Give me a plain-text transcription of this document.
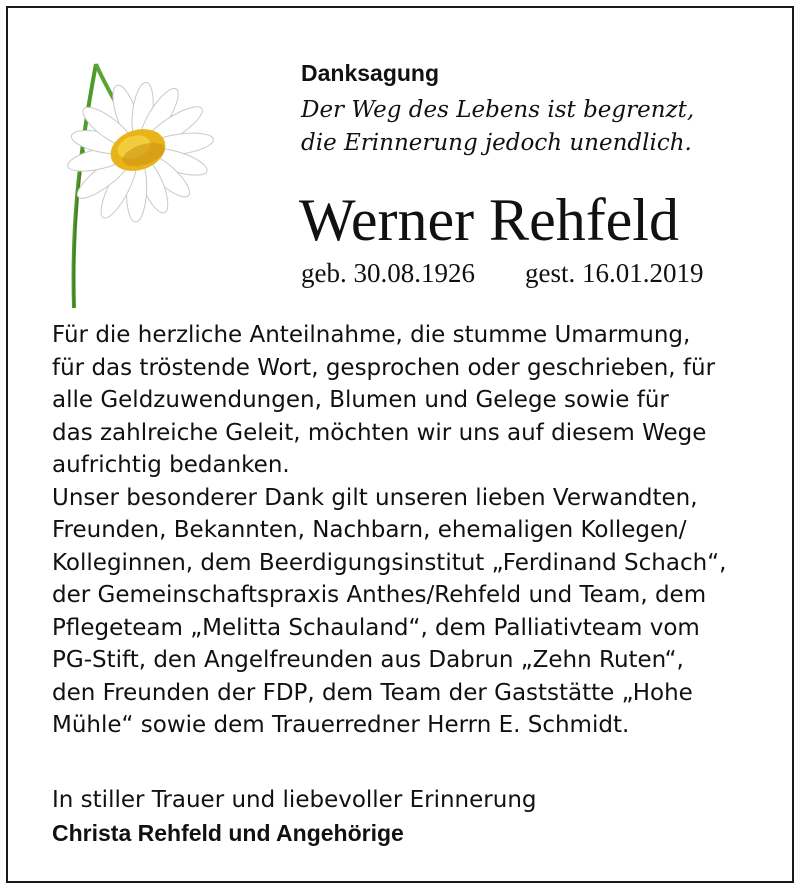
Danksagung
Der Weg des Lebens ist begrenzt,
die Erinnerung jedoch unendlich.
Werner Rehfeld
geb. 30.08.1926 gest. 16.01.2019

Für die herzliche Anteilnahme, die stumme Umarmung,
für das tröstende Wort, gesprochen oder geschrieben, für
alle Geldzuwendungen, Blumen und Gelege sowie für
das zahlreiche Geleit, möchten wir uns auf diesem Wege
aufrichtig bedanken.

Unser besonderer Dank gilt unseren lieben Verwandten,
Freunden, Bekannten, Nachbarn, ehemaligen Kollegen/
Kolleginnen, dem Beerdigungsinstitut „Ferdinand Schach“,
der Gemeinschaftspraxis Anthes/Rehfeld und Team, dem
Pflegeteam „Melitta Schauland“, dem Palliativteam vom
PG-Stift, den Angelfreunden aus Dabrun „Zehn Ruten“,
den Freunden der FDP, dem Team der Gaststätte „Hohe
Mühle“ sowie dem Trauerredner Herrn E. Schmidt.

In stiller Trauer und liebevoller Erinnerung
Christa Rehfeld und Angehörige
